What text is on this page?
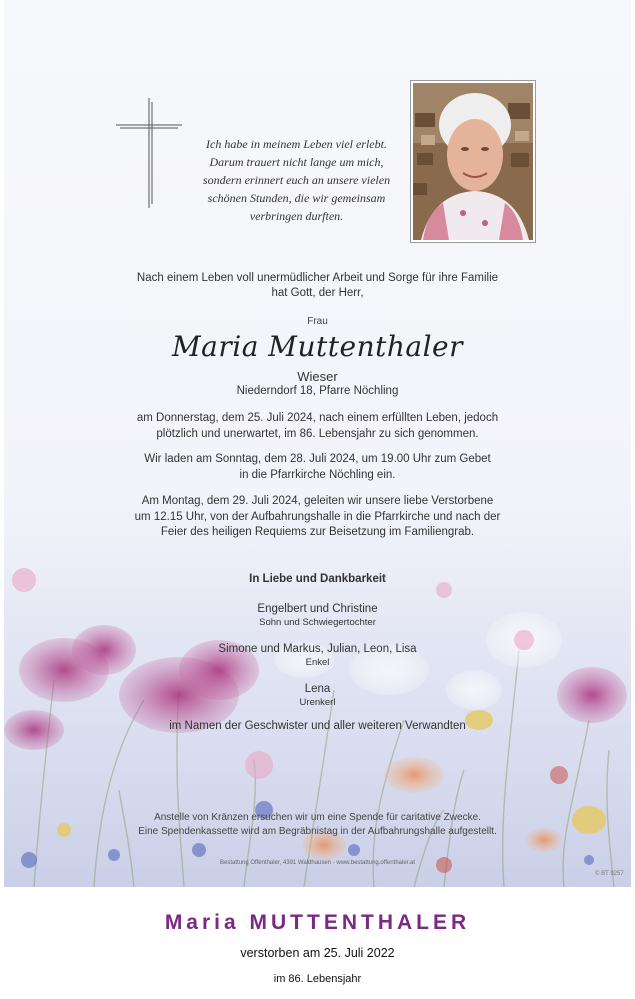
Ich habe in meinem Leben viel erlebt.
Darum trauert nicht lange um mich,
sondern erinnert euch an unsere vielen
schönen Stunden, die wir gemeinsam
verbringen durften.
Nach einem Leben voll unermüdlicher Arbeit und Sorge für ihre Familie
hat Gott, der Herr,
Frau
Maria Muttenthaler
Wieser
Niederndorf 18, Pfarre Nöchling
am Donnerstag, dem 25. Juli 2024, nach einem erfüllten Leben, jedoch
plötzlich und unerwartet, im 86. Lebensjahr zu sich genommen.
Wir laden am Sonntag, dem 28. Juli 2024, um 19.00 Uhr zum Gebet
in die Pfarrkirche Nöchling ein.
Am Montag, dem 29. Juli 2024, geleiten wir unsere liebe Verstorbene
um 12.15 Uhr, von der Aufbahrungshalle in die Pfarrkirche und nach der
Feier des heiligen Requiems zur Beisetzung im Familiengrab.
In Liebe und Dankbarkeit
Engelbert und Christine
Sohn und Schwiegertochter
Simone und Markus, Julian, Leon, Lisa
Enkel
Lena
Urenkerl
im Namen der Geschwister und aller weiteren Verwandten
Anstelle von Kränzen ersuchen wir um eine Spende für caritative Zwecke.
Eine Spendenkassette wird am Begräbnistag in der Aufbahrungshalle aufgestellt.
Bestattung Offenthaler, 4391 Waldhausen - www.bestattung.offenthaler.at
© BT 9257
Maria MUTTENTHALER
verstorben am 25. Juli 2022
im 86. Lebensjahr
